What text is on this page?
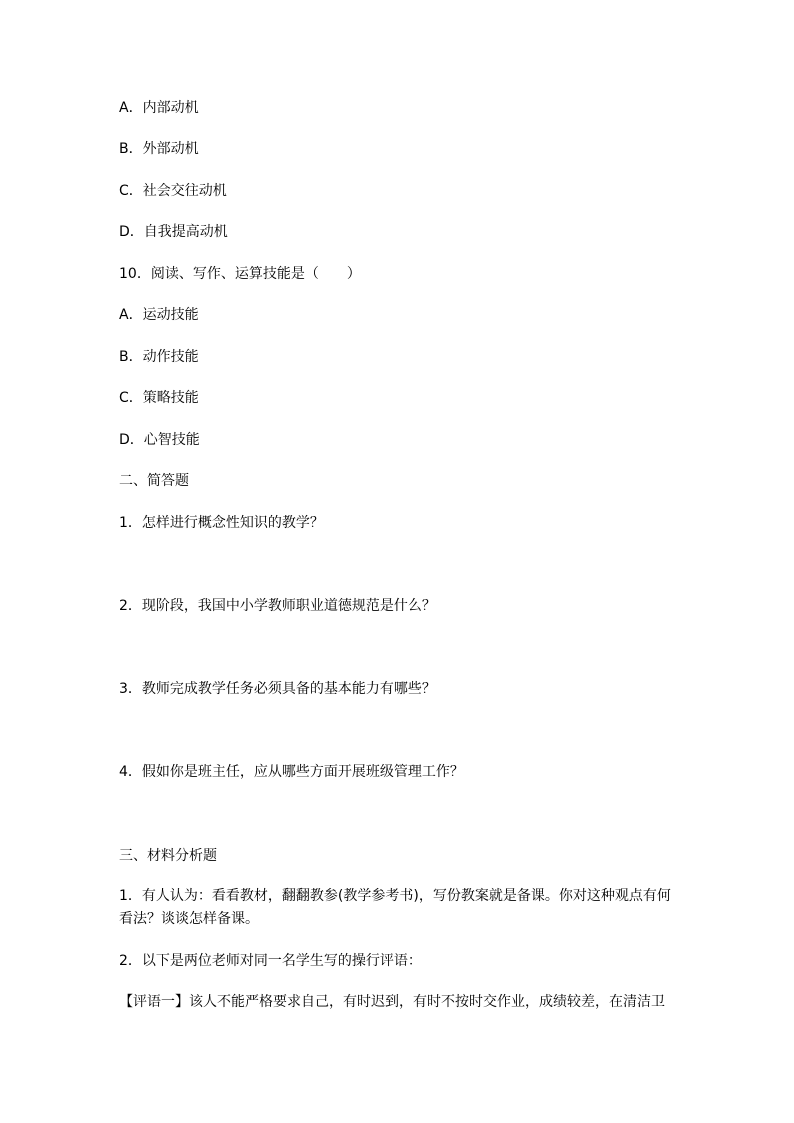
A．内部动机
B．外部动机
C．社会交往动机
D．自我提高动机
10．阅读、写作、运算技能是（　　）
A．运动技能
B．动作技能
C．策略技能
D．心智技能
二、简答题
1．怎样进行概念性知识的教学？
2．现阶段，我国中小学教师职业道德规范是什么？
3．教师完成教学任务必须具备的基本能力有哪些？
4．假如你是班主任，应从哪些方面开展班级管理工作？
三、材料分析题
1．有人认为：看看教材，翻翻教参(教学参考书)，写份教案就是备课。你对这种观点有何看法？谈谈怎样备课。
2．以下是两位老师对同一名学生写的操行评语：
【评语一】该人不能严格要求自己，有时迟到，有时不按时交作业，成绩较差，在清洁卫
